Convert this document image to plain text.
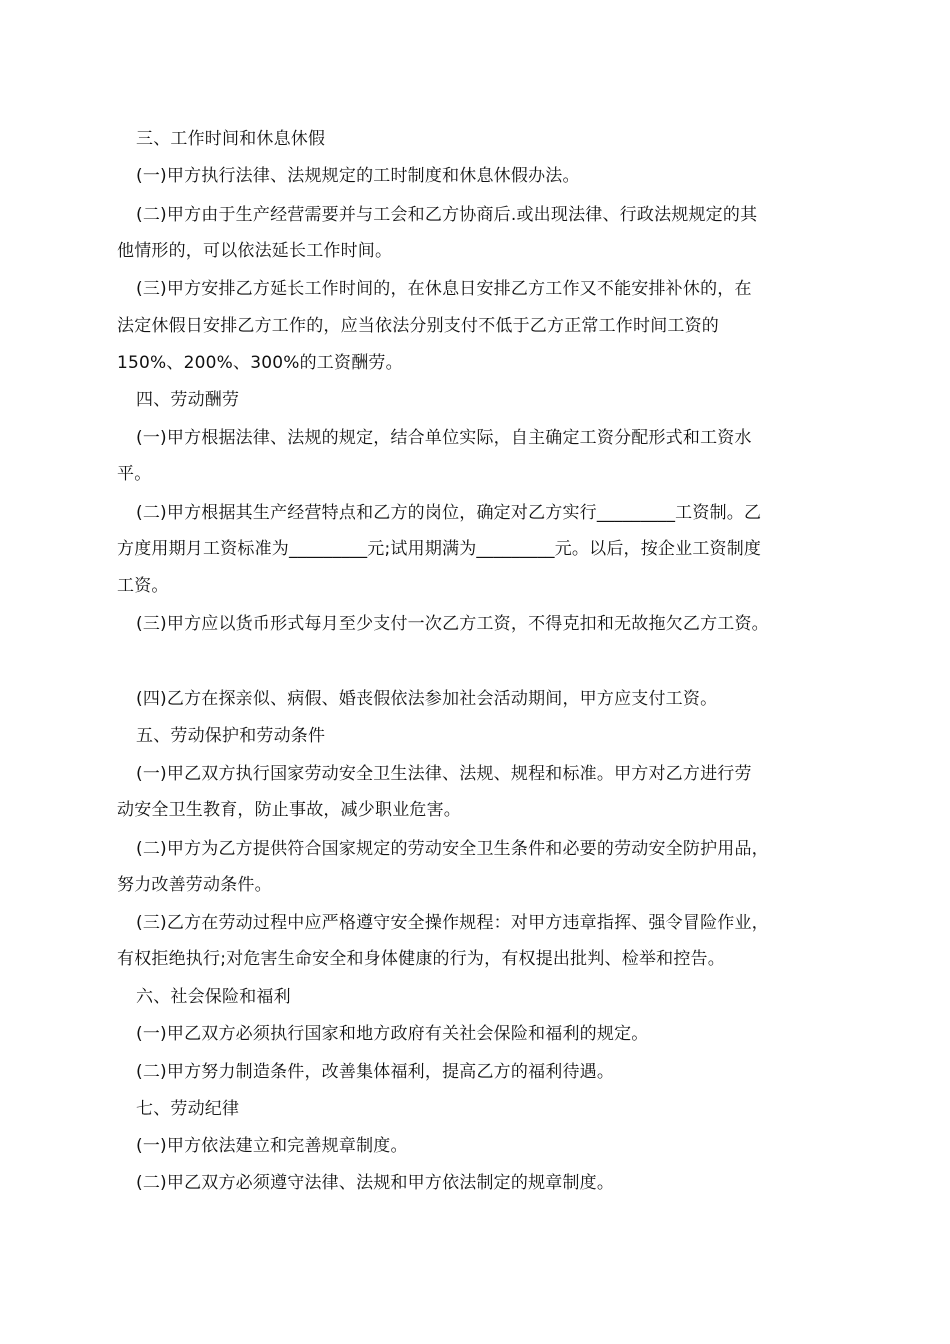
三、工作时间和休息休假
(一)甲方执行法律、法规规定的工时制度和休息休假办法。
(二)甲方由于生产经营需要并与工会和乙方协商后.或出现法律、行政法规规定的其
他情形的，可以依法延长工作时间。
(三)甲方安排乙方延长工作时间的，在休息日安排乙方工作又不能安排补休的，在
法定休假日安排乙方工作的，应当依法分别支付不低于乙方正常工作时间工资的
150%、200%、300%的工资酬劳。
四、劳动酬劳
(一)甲方根据法律、法规的规定，结合单位实际，自主确定工资分配形式和工资水
平。
(二)甲方根据其生产经营特点和乙方的岗位，确定对乙方实行_________工资制。乙
方度用期月工资标准为_________元;试用期满为_________元。以后，按企业工资制度
工资。
(三)甲方应以货币形式每月至少支付一次乙方工资，不得克扣和无故拖欠乙方工资。
(四)乙方在探亲似、病假、婚丧假依法参加社会活动期间，甲方应支付工资。
五、劳动保护和劳动条件
(一)甲乙双方执行国家劳动安全卫生法律、法规、规程和标准。甲方对乙方进行劳
动安全卫生教育，防止事故，减少职业危害。
(二)甲方为乙方提供符合国家规定的劳动安全卫生条件和必要的劳动安全防护用品，
努力改善劳动条件。
(三)乙方在劳动过程中应严格遵守安全操作规程：对甲方违章指挥、强令冒险作业，
有权拒绝执行;对危害生命安全和身体健康的行为，有权提出批判、检举和控告。
六、社会保险和福利
(一)甲乙双方必须执行国家和地方政府有关社会保险和福利的规定。
(二)甲方努力制造条件，改善集体福利，提高乙方的福利待遇。
七、劳动纪律
(一)甲方依法建立和完善规章制度。
(二)甲乙双方必须遵守法律、法规和甲方依法制定的规章制度。
